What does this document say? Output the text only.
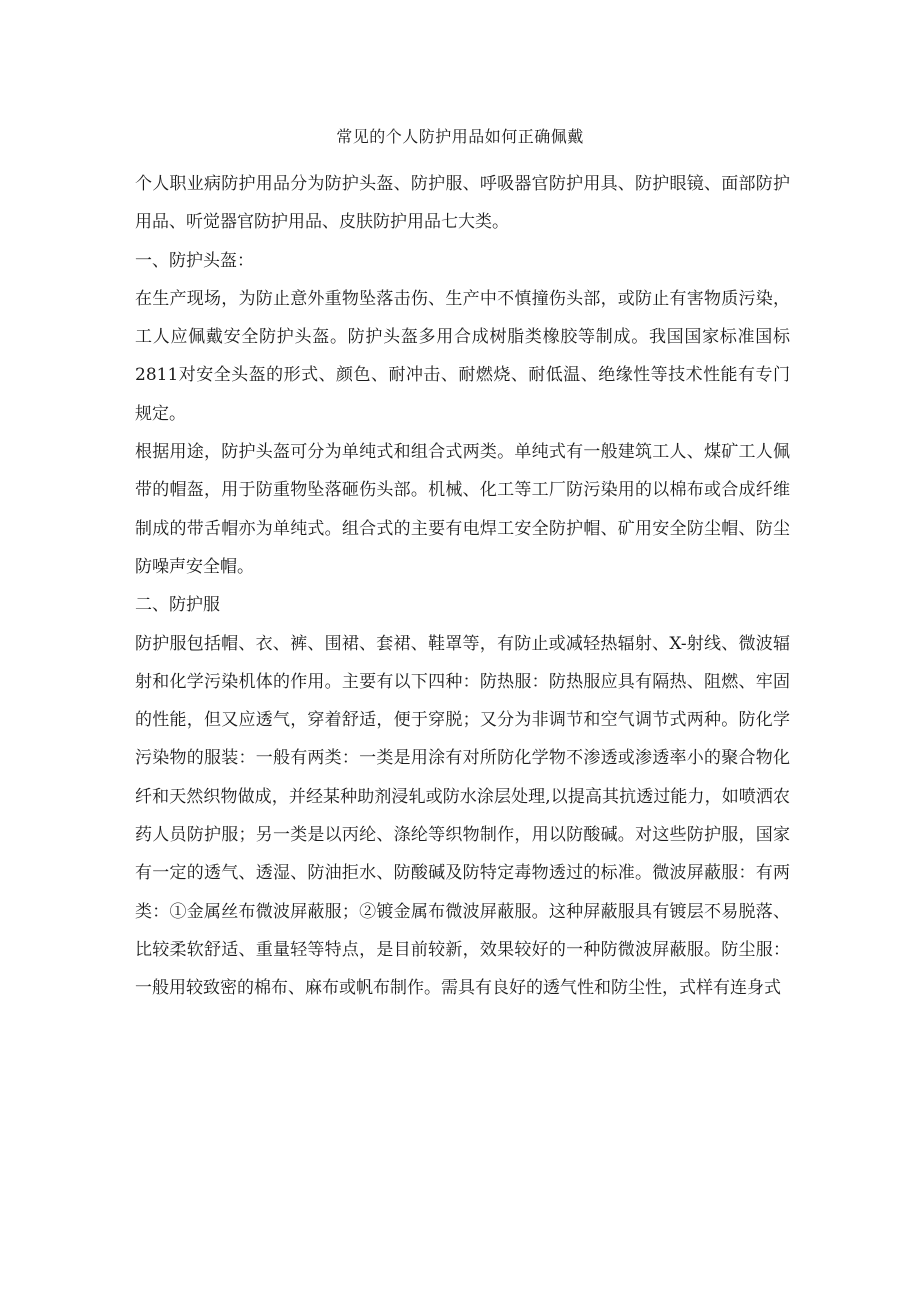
常见的个人防护用品如何正确佩戴

个人职业病防护用品分为防护头盔、防护服、呼吸器官防护用具、防护眼镜、面部防护用品、听觉器官防护用品、皮肤防护用品七大类。

一、防护头盔：

在生产现场，为防止意外重物坠落击伤、生产中不慎撞伤头部，或防止有害物质污染，工人应佩戴安全防护头盔。防护头盔多用合成树脂类橡胶等制成。我国国家标准国标2811对安全头盔的形式、颜色、耐冲击、耐燃烧、耐低温、绝缘性等技术性能有专门规定。

根据用途，防护头盔可分为单纯式和组合式两类。单纯式有一般建筑工人、煤矿工人佩带的帽盔，用于防重物坠落砸伤头部。机械、化工等工厂防污染用的以棉布或合成纤维制成的带舌帽亦为单纯式。组合式的主要有电焊工安全防护帽、矿用安全防尘帽、防尘防噪声安全帽。

二、防护服

防护服包括帽、衣、裤、围裙、套裙、鞋罩等，有防止或减轻热辐射、X-射线、微波辐射和化学污染机体的作用。主要有以下四种：防热服：防热服应具有隔热、阻燃、牢固的性能，但又应透气，穿着舒适，便于穿脱；又分为非调节和空气调节式两种。防化学污染物的服装：一般有两类：一类是用涂有对所防化学物不渗透或渗透率小的聚合物化纤和天然织物做成，并经某种助剂浸轧或防水涂层处理,以提高其抗透过能力，如喷洒农药人员防护服；另一类是以丙纶、涤纶等织物制作，用以防酸碱。对这些防护服，国家有一定的透气、透湿、防油拒水、防酸碱及防特定毒物透过的标准。微波屏蔽服：有两类：①金属丝布微波屏蔽服；②镀金属布微波屏蔽服。这种屏蔽服具有镀层不易脱落、比较柔软舒适、重量轻等特点，是目前较新，效果较好的一种防微波屏蔽服。防尘服：一般用较致密的棉布、麻布或帆布制作。需具有良好的透气性和防尘性，式样有连身式
